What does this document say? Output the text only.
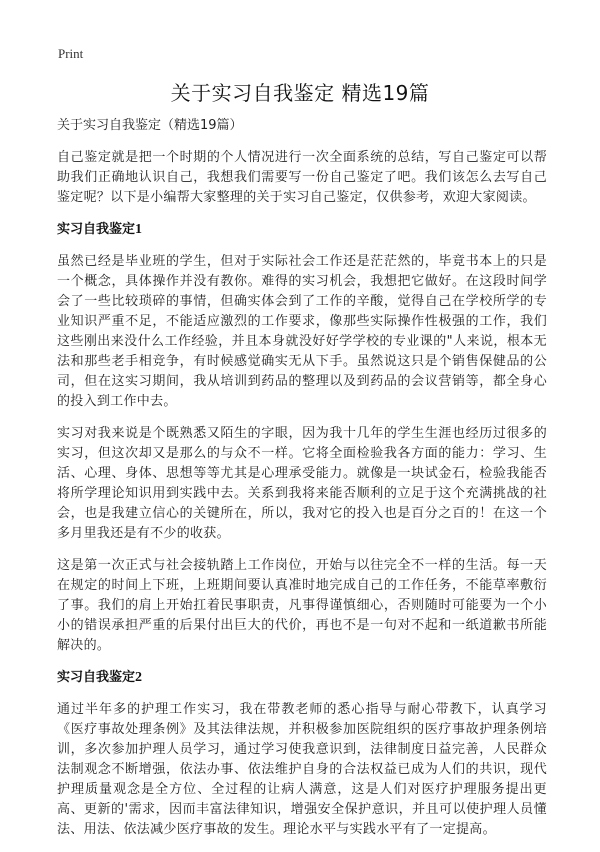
Print
关于实习自我鉴定 精选19篇
关于实习自我鉴定（精选19篇）

自己鉴定就是把一个时期的个人情况进行一次全面系统的总结，写自己鉴定可以帮助我们正确地认识自己，我想我们需要写一份自己鉴定了吧。我们该怎么去写自己鉴定呢？以下是小编帮大家整理的关于实习自己鉴定，仅供参考，欢迎大家阅读。

实习自我鉴定1

虽然已经是毕业班的学生，但对于实际社会工作还是茫茫然的，毕竟书本上的只是一个概念，具体操作并没有教你。难得的实习机会，我想把它做好。在这段时间学会了一些比较琐碎的事情，但确实体会到了工作的辛酸，觉得自己在学校所学的专业知识严重不足，不能适应激烈的工作要求，像那些实际操作性极强的工作，我们这些刚出来没什么工作经验，并且本身就没好好学学校的专业课的"人来说，根本无法和那些老手相竞争，有时候感觉确实无从下手。虽然说这只是个销售保健品的公司，但在这实习期间，我从培训到药品的整理以及到药品的会议营销等，都全身心的投入到工作中去。

实习对我来说是个既熟悉又陌生的字眼，因为我十几年的学生生涯也经历过很多的实习，但这次却又是那么的与众不一样。它将全面检验我各方面的能力：学习、生活、心理、身体、思想等等尤其是心理承受能力。就像是一块试金石，检验我能否将所学理论知识用到实践中去。关系到我将来能否顺利的立足于这个充满挑战的社会，也是我建立信心的关键所在，所以，我对它的投入也是百分之百的！在这一个多月里我还是有不少的收获。

这是第一次正式与社会接轨踏上工作岗位，开始与以往完全不一样的生活。每一天在规定的时间上下班，上班期间要认真准时地完成自己的工作任务，不能草率敷衍了事。我们的肩上开始扛着民事职责，凡事得谨慎细心，否则随时可能要为一个小小的错误承担严重的后果付出巨大的代价，再也不是一句对不起和一纸道歉书所能解决的。

实习自我鉴定2

通过半年多的护理工作实习，我在带教老师的悉心指导与耐心带教下，认真学习《医疗事故处理条例》及其法律法规，并积极参加医院组织的医疗事故护理条例培训，多次参加护理人员学习，通过学习使我意识到，法律制度日益完善，人民群众法制观念不断增强，依法办事、依法维护自身的合法权益已成为人们的共识，现代护理质量观念是全方位、全过程的让病人满意，这是人们对医疗护理服务提出更高、更新的'需求，因而丰富法律知识，增强安全保护意识，并且可以使护理人员懂法、用法、依法减少医疗事故的发生。理论水平与实践水平有了一定提高。
